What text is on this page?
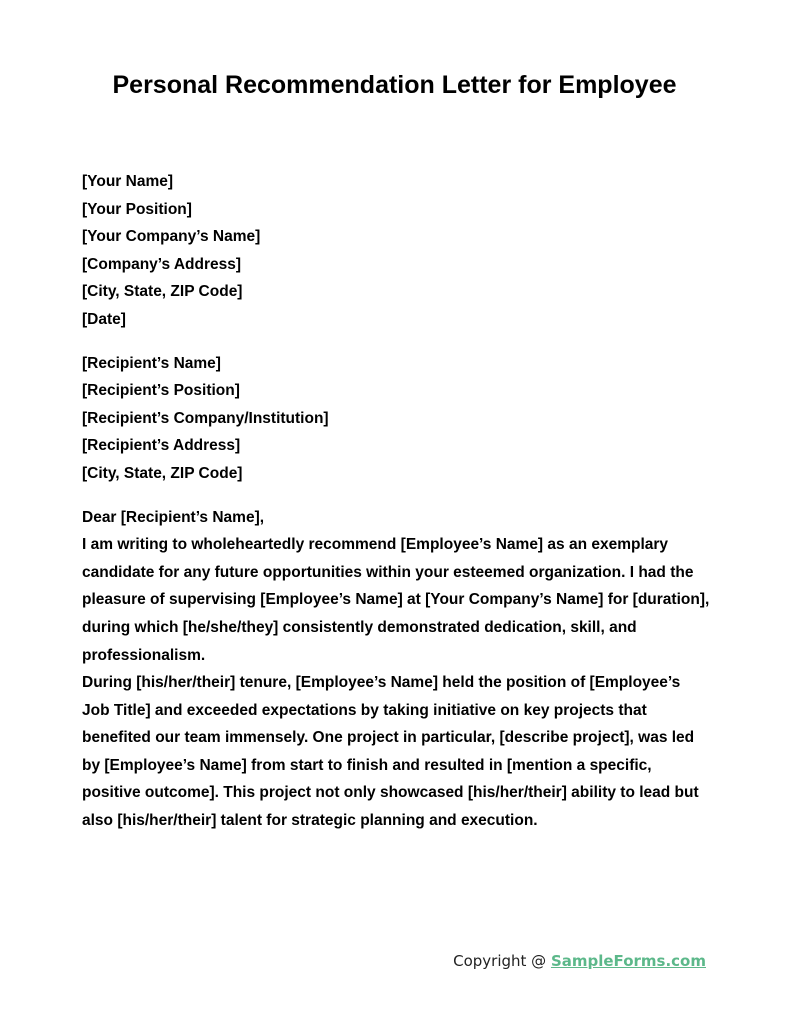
Personal Recommendation Letter for Employee
[Your Name]
[Your Position]
[Your Company’s Name]
[Company’s Address]
[City, State, ZIP Code]
[Date]
[Recipient’s Name]
[Recipient’s Position]
[Recipient’s Company/Institution]
[Recipient’s Address]
[City, State, ZIP Code]

Dear [Recipient’s Name],

I am writing to wholeheartedly recommend [Employee’s Name] as an exemplary candidate for any future opportunities within your esteemed organization. I had the pleasure of supervising [Employee’s Name] at [Your Company’s Name] for [duration], during which [he/she/they] consistently demonstrated dedication, skill, and professionalism.

During [his/her/their] tenure, [Employee’s Name] held the position of [Employee’s Job Title] and exceeded expectations by taking initiative on key projects that benefited our team immensely. One project in particular, [describe project], was led by [Employee’s Name] from start to finish and resulted in [mention a specific, positive outcome]. This project not only showcased [his/her/their] ability to lead but also [his/her/their] talent for strategic planning and execution.

Copyright @ SampleForms.com
